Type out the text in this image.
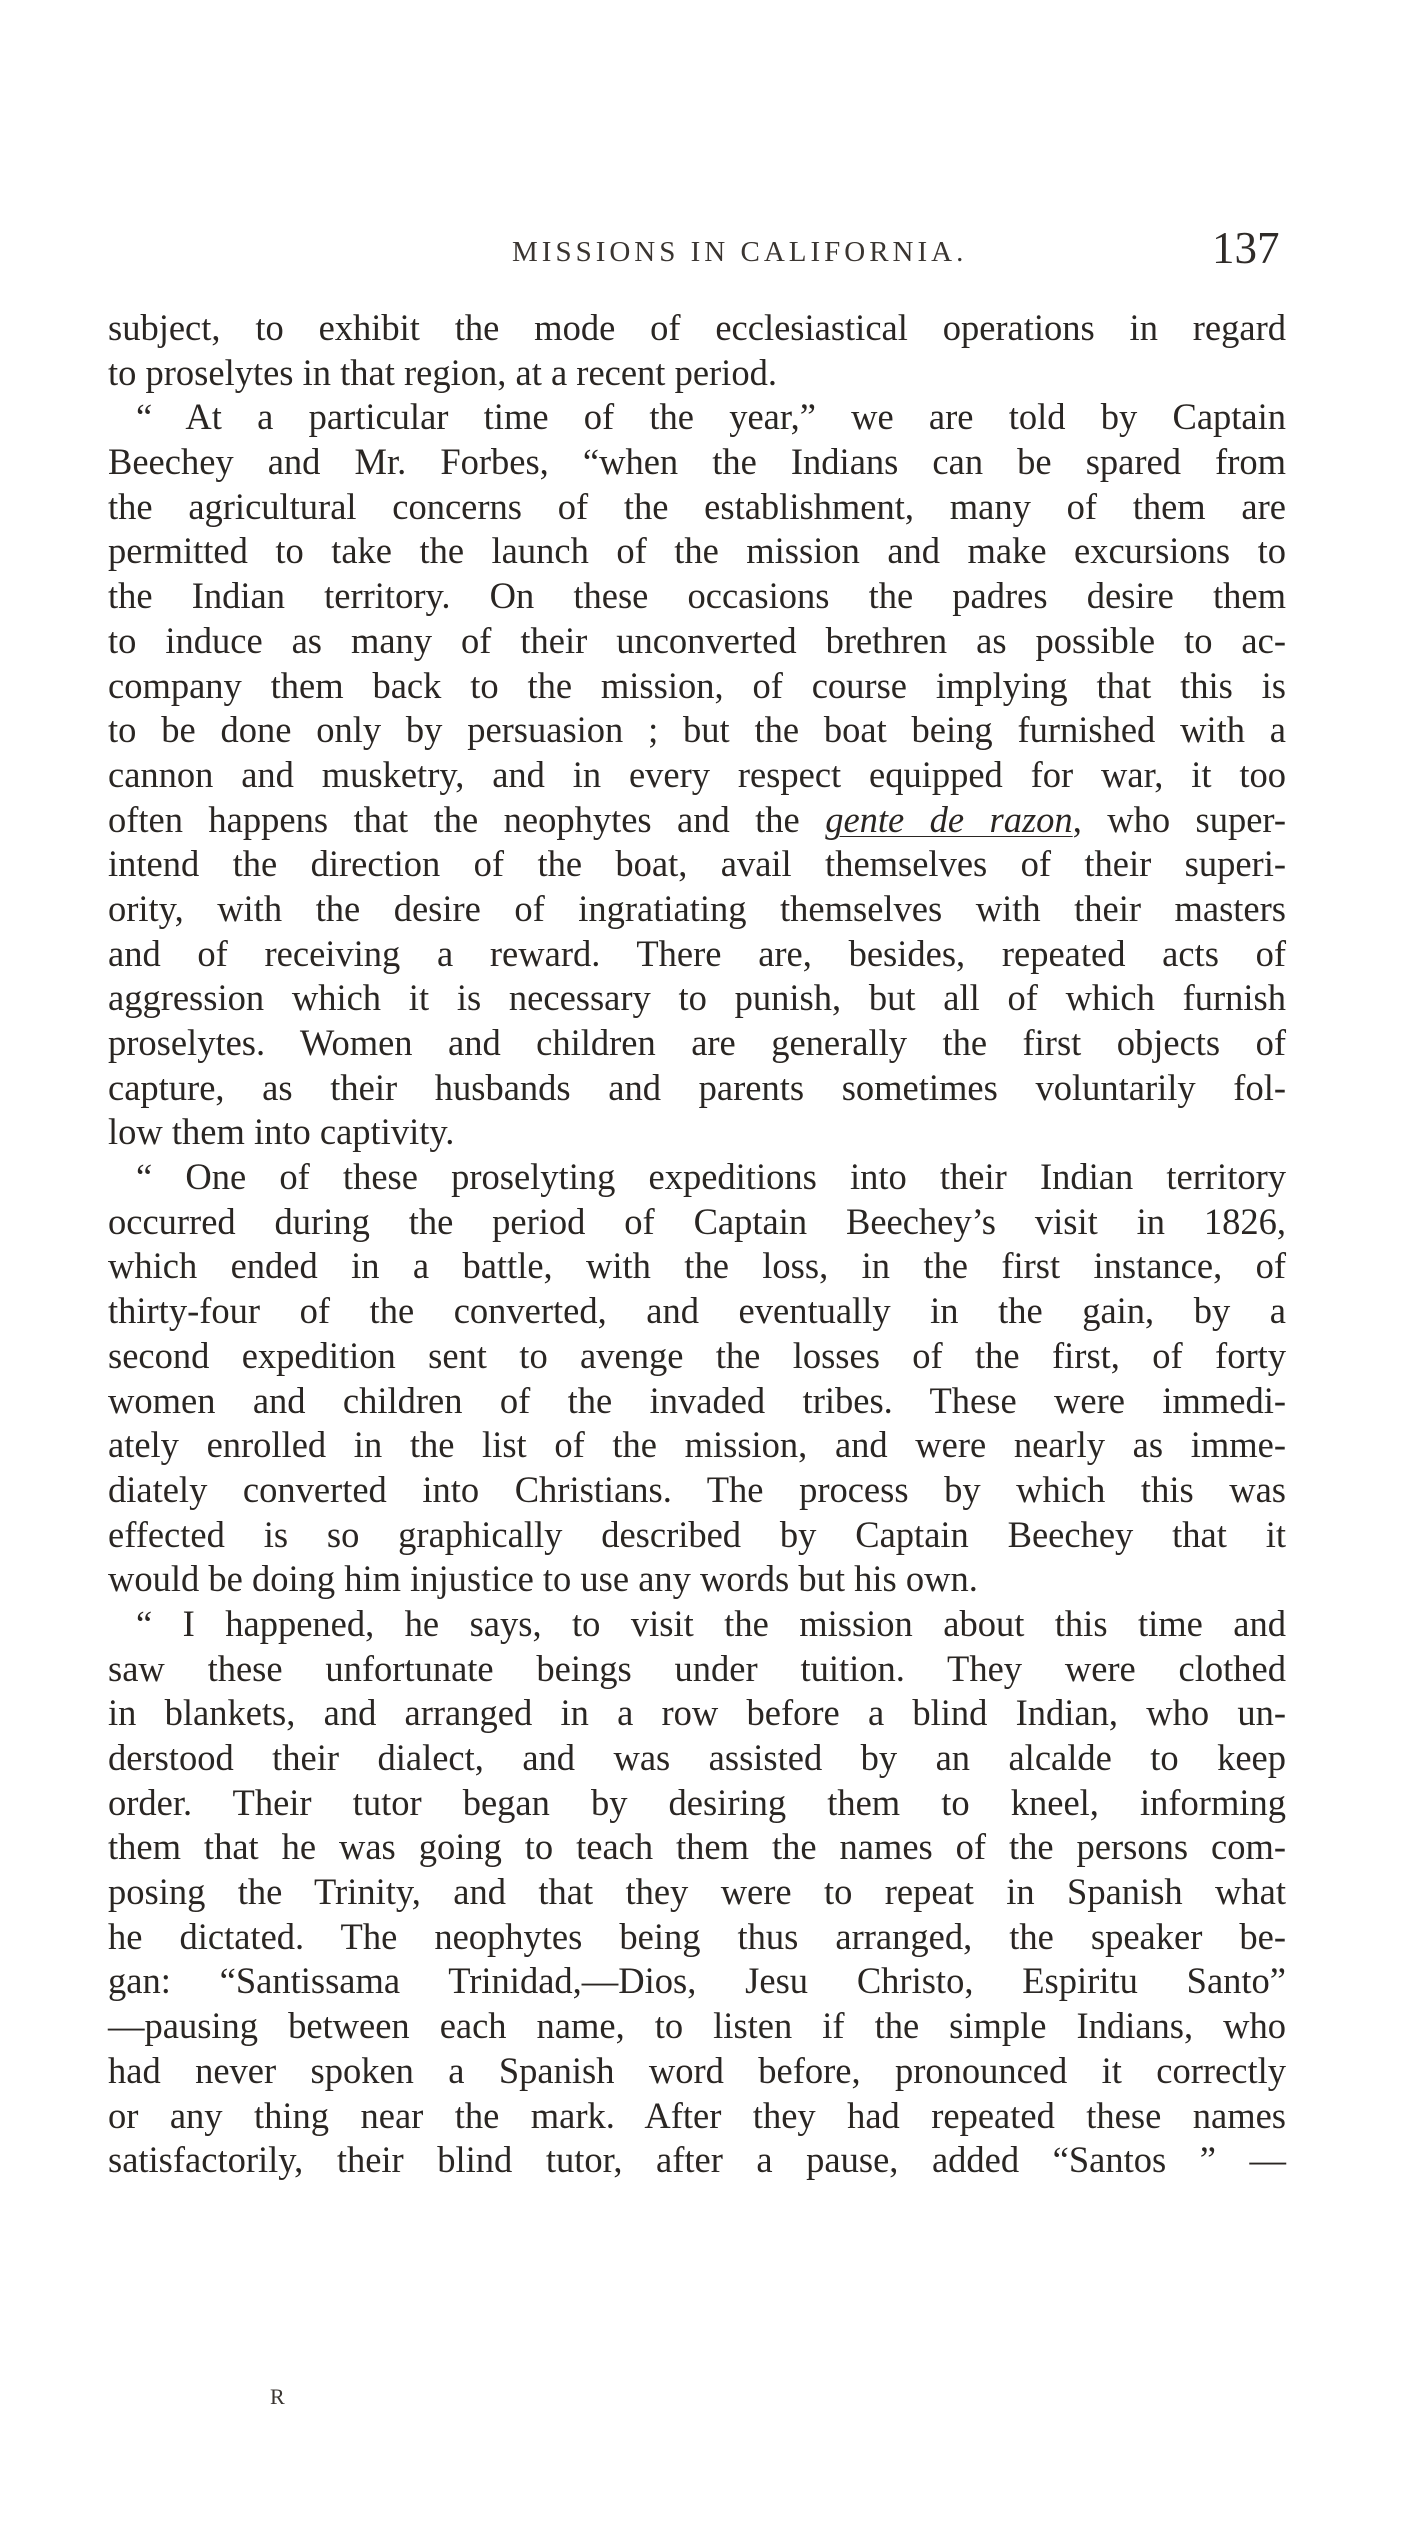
MISSIONS IN CALIFORNIA.	137
subject, to exhibit the mode of ecclesiastical operations in regard
to proselytes in that region, at a recent period.
“ At a particular time of the year,” we are told by Captain
Beechey and Mr. Forbes, “when the Indians can be spared from
the agricultural concerns of the establishment, many of them are
permitted to take the launch of the mission and make excursions to
the Indian territory. On these occasions the padres desire them
to induce as many of their unconverted brethren as possible to ac-
company them back to the mission, of course implying that this is
to be done only by persuasion ; but the boat being furnished with a
cannon and musketry, and in every respect equipped for war, it too
often happens that the neophytes and the gente de razon, who super-
intend the direction of the boat, avail themselves of their superi-
ority, with the desire of ingratiating themselves with their masters
and of receiving a reward. There are, besides, repeated acts of
aggression which it is necessary to punish, but all of which furnish
proselytes. Women and children are generally the first objects of
capture, as their husbands and parents sometimes voluntarily fol-
low them into captivity.
“ One of these proselyting expeditions into their Indian territory
occurred during the period of Captain Beechey’s visit in 1826,
which ended in a battle, with the loss, in the first instance, of
thirty-four of the converted, and eventually in the gain, by a
second expedition sent to avenge the losses of the first, of forty
women and children of the invaded tribes. These were immedi-
ately enrolled in the list of the mission, and were nearly as imme-
diately converted into Christians. The process by which this was
effected is so graphically described by Captain Beechey that it
would be doing him injustice to use any words but his own.
“ I happened, he says, to visit the mission about this time and
saw these unfortunate beings under tuition. They were clothed
in blankets, and arranged in a row before a blind Indian, who un-
derstood their dialect, and was assisted by an alcalde to keep
order. Their tutor began by desiring them to kneel, informing
them that he was going to teach them the names of the persons com-
posing the Trinity, and that they were to repeat in Spanish what
he dictated. The neophytes being thus arranged, the speaker be-
gan: “Santissama Trinidad,—Dios, Jesu Christo, Espiritu Santo”
—pausing between each name, to listen if the simple Indians, who
had never spoken a Spanish word before, pronounced it correctly
or any thing near the mark. After they had repeated these names
satisfactorily, their blind tutor, after a pause, added “Santos ” —
R
